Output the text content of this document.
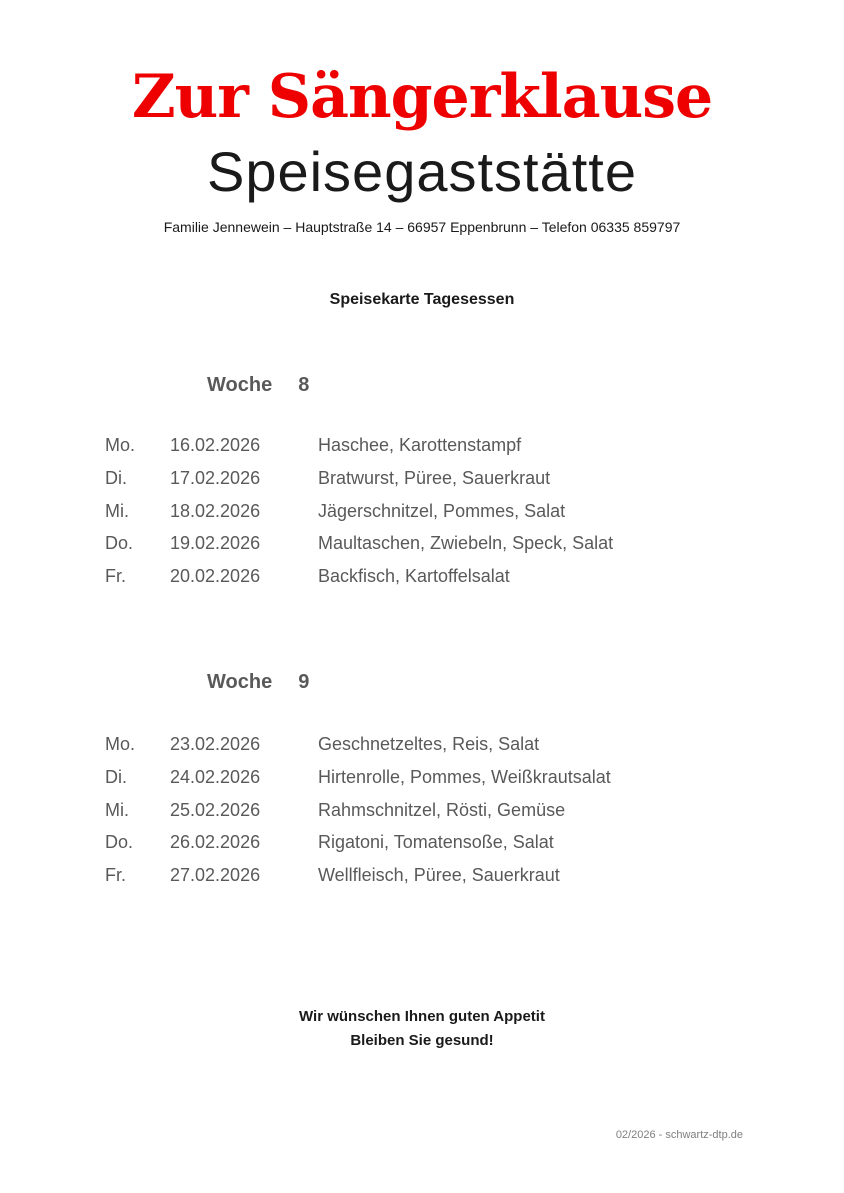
Zur Sängerklause
Speisegaststätte
Familie Jennewein – Hauptstraße 14 – 66957 Eppenbrunn – Telefon 06335 859797
Speisekarte Tagesessen
Woche 8
Mo.	16.02.2026	Haschee, Karottenstampf
Di.	17.02.2026	Bratwurst, Püree, Sauerkraut
Mi.	18.02.2026	Jägerschnitzel, Pommes, Salat
Do.	19.02.2026	Maultaschen, Zwiebeln, Speck, Salat
Fr.	20.02.2026	Backfisch, Kartoffelsalat
Woche 9
Mo.	23.02.2026	Geschnetzeltes, Reis, Salat
Di.	24.02.2026	Hirtenrolle, Pommes, Weißkrautsalat
Mi.	25.02.2026	Rahmschnitzel, Rösti, Gemüse
Do.	26.02.2026	Rigatoni, Tomatensoße, Salat
Fr.	27.02.2026	Wellfleisch, Püree, Sauerkraut
Wir wünschen Ihnen guten Appetit
Bleiben Sie gesund!
02/2026 - schwartz-dtp.de
